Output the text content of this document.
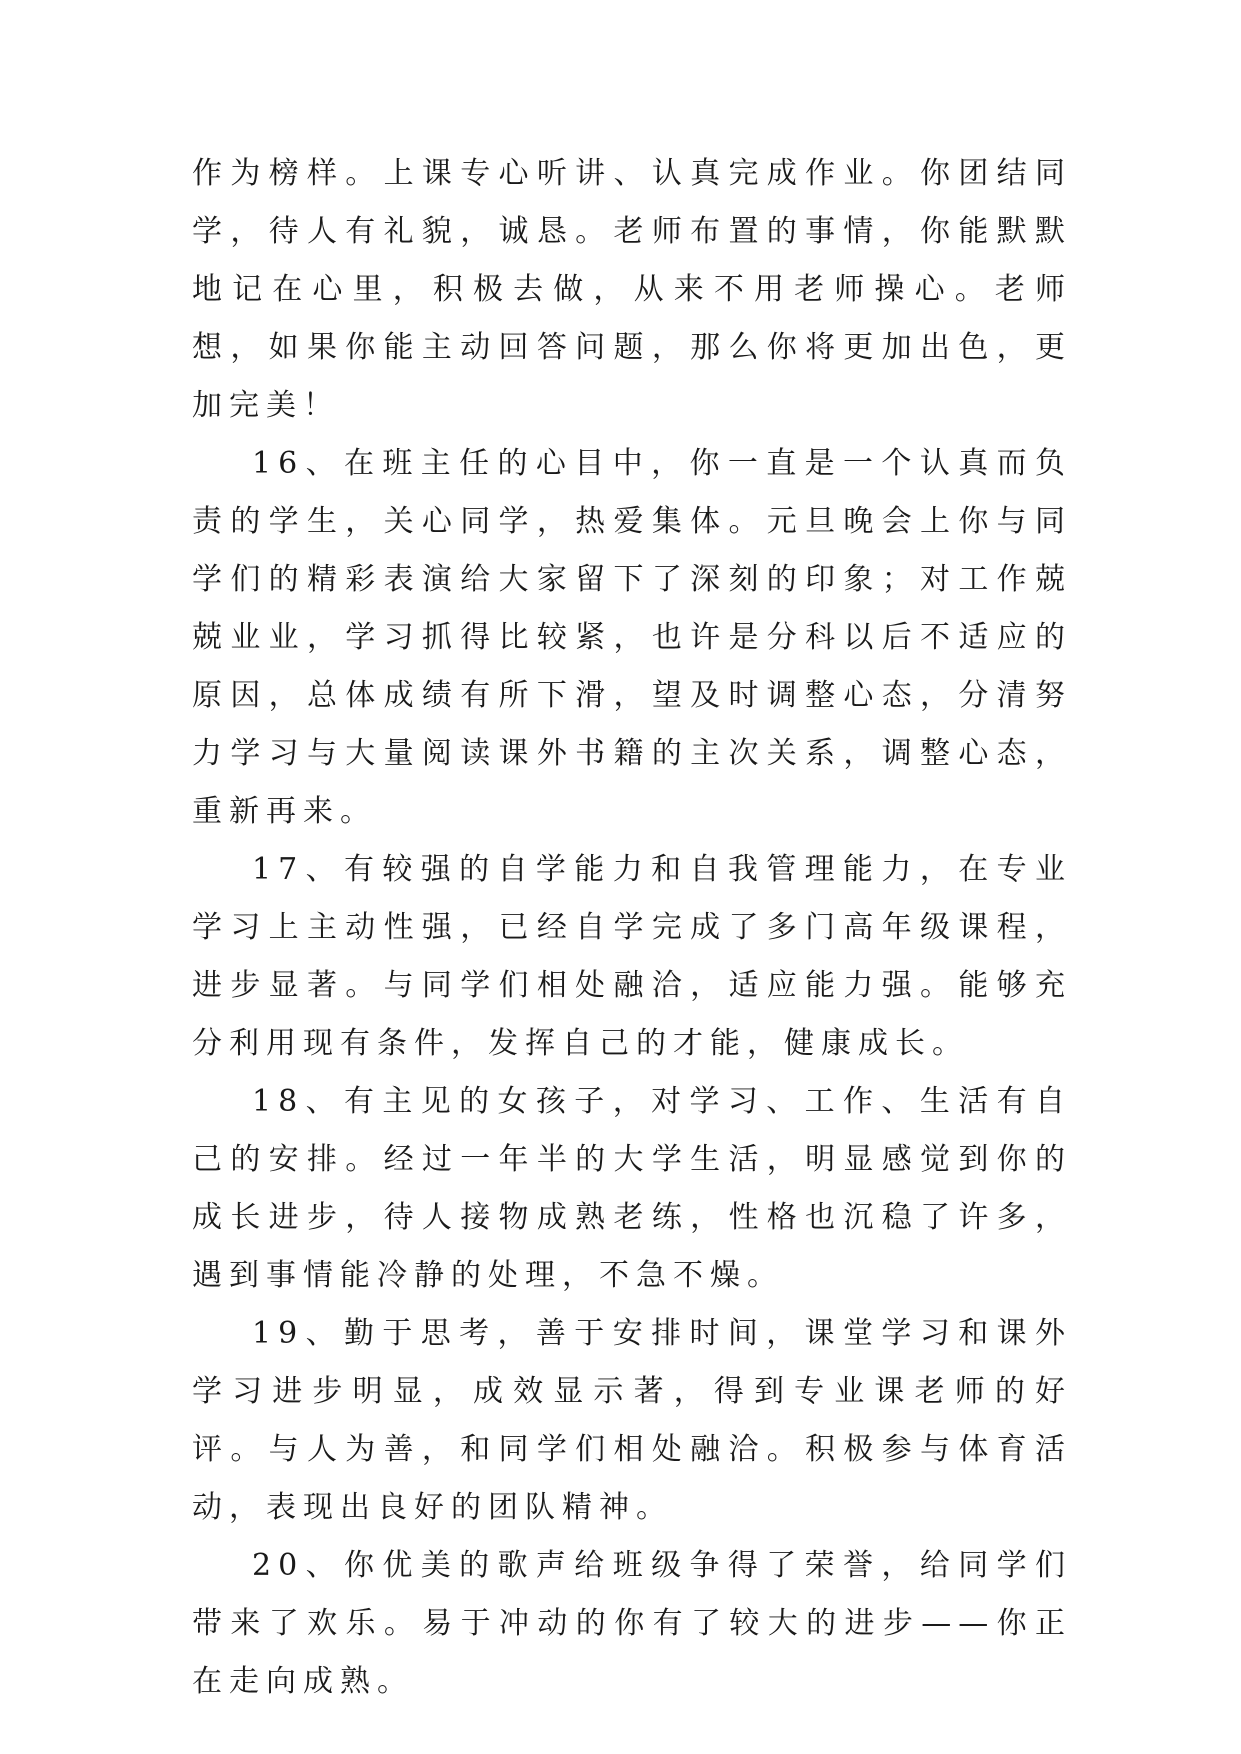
作为榜样。上课专心听讲、认真完成作业。你团结同学，待人有礼貌，诚恳。老师布置的事情，你能默默地记在心里，积极去做，从来不用老师操心。老师想，如果你能主动回答问题，那么你将更加出色，更加完美！

16、在班主任的心目中，你一直是一个认真而负责的学生，关心同学，热爱集体。元旦晚会上你与同学们的精彩表演给大家留下了深刻的印象；对工作兢兢业业，学习抓得比较紧，也许是分科以后不适应的原因，总体成绩有所下滑，望及时调整心态，分清努力学习与大量阅读课外书籍的主次关系，调整心态，重新再来。

17、有较强的自学能力和自我管理能力，在专业学习上主动性强，已经自学完成了多门高年级课程，进步显著。与同学们相处融洽，适应能力强。能够充分利用现有条件，发挥自己的才能，健康成长。

18、有主见的女孩子，对学习、工作、生活有自己的安排。经过一年半的大学生活，明显感觉到你的成长进步，待人接物成熟老练，性格也沉稳了许多，遇到事情能冷静的处理，不急不燥。

19、勤于思考，善于安排时间，课堂学习和课外学习进步明显，成效显示著，得到专业课老师的好评。与人为善，和同学们相处融洽。积极参与体育活动，表现出良好的团队精神。

20、你优美的歌声给班级争得了荣誉，给同学们带来了欢乐。易于冲动的你有了较大的进步——你正在走向成熟。
